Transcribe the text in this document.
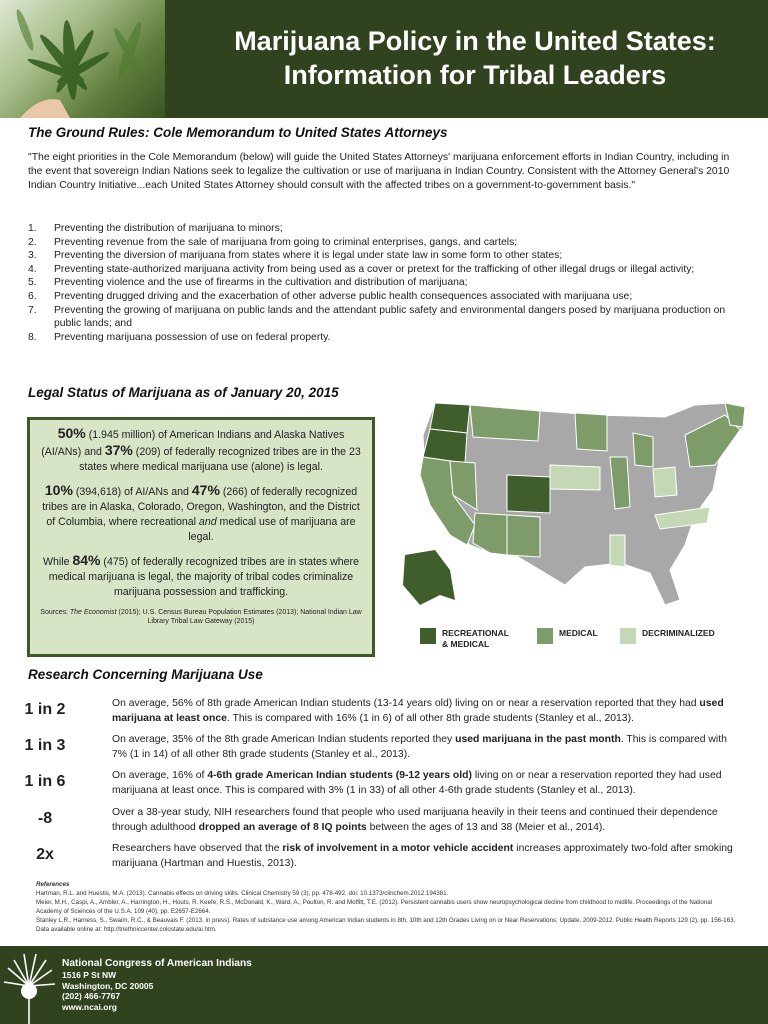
Marijuana Policy in the United States:
Information for Tribal Leaders
The Ground Rules: Cole Memorandum to United States Attorneys
"The eight priorities in the Cole Memorandum (below) will guide the United States Attorneys' marijuana enforcement efforts in Indian Country, including in the event that sovereign Indian Nations seek to legalize the cultivation or use of marijuana in Indian Country. Consistent with the Attorney General's 2010 Indian Country Initiative...each United States Attorney should consult with the affected tribes on a government-to-government basis."
1. Preventing the distribution of marijuana to minors;
2. Preventing revenue from the sale of marijuana from going to criminal enterprises, gangs, and cartels;
3. Preventing the diversion of marijuana from states where it is legal under state law in some form to other states;
4. Preventing state-authorized marijuana activity from being used as a cover or pretext for the trafficking of other illegal drugs or illegal activity;
5. Preventing violence and the use of firearms in the cultivation and distribution of marijuana;
6. Preventing drugged driving and the exacerbation of other adverse public health consequences associated with marijuana use;
7. Preventing the growing of marijuana on public lands and the attendant public safety and environmental dangers posed by marijuana production on public lands; and
8. Preventing marijuana possession of use on federal property.
Legal Status of Marijuana as of January 20, 2015

50% (1.945 million) of American Indians and Alaska Natives (AI/ANs) and 37% (209) of federally recognized tribes are in the 23 states where medical marijuana use (alone) is legal.

10% (394,618) of AI/ANs and 47% (266) of federally recognized tribes are in Alaska, Colorado, Oregon, Washington, and the District of Columbia, where recreational and medical use of marijuana are legal.

While 84% (475) of federally recognized tribes are in states where medical marijuana is legal, the majority of tribal codes criminalize marijuana possession and trafficking.

Sources: The Economist (2015); U.S. Census Bureau Population Estimates (2013); National Indian Law Library Tribal Law Gateway (2015)
RECREATIONAL
& MEDICAL
MEDICAL	DECRIMINALIZED
Research Concerning Marijuana Use
1 in 2	On average, 56% of 8th grade American Indian students (13-14 years old) living on or near a reservation reported that they had used marijuana at least once. This is compared with 16% (1 in 6) of all other 8th grade students (Stanley et al., 2013).
1 in 3	On average, 35% of the 8th grade American Indian students reported they used marijuana in the past month. This is compared with 7% (1 in 14) of all other 8th grade students (Stanley et al., 2013).
1 in 6	On average, 16% of 4-6th grade American Indian students (9-12 years old) living on or near a reservation reported they had used marijuana at least once. This is compared with 3% (1 in 33) of all other 4-6th grade students (Stanley et al., 2013).
-8	Over a 38-year study, NIH researchers found that people who used marijuana heavily in their teens and continued their dependence through adulthood dropped an average of 8 IQ points between the ages of 13 and 38 (Meier et al., 2014).
2x	Researchers have observed that the risk of involvement in a motor vehicle accident increases approximately two-fold after smoking marijuana (Hartman and Huestis, 2013).
References
Hartman, R.L. and Huestis, M.A. (2013). Cannabis effects on driving skills. Clinical Chemistry 59 (3), pp. 478-492. doi: 10.1373/clinchem.2012.194381.
Meier, M.H., Caspi, A., Ambler, A., Harrington, H., Houts, R. Keefe, R.S., McDonald, K., Ward, A., Poulton, R. and Moffitt, T.E. (2012). Persistent cannabis users show neuropsychological decline from childhood to midlife. Proceedings of the National Academy of Sciences of the U.S.A. 109 (40), pp. E2657-E2664.
Stanley L.R., Harness, S., Swaim, R.C., & Beauvais F. (2013, in press). Rates of substance use among American Indian students in 8th, 10th and 12th Grades Living on or Near Reservations; Update, 2009-2012. Public Health Reports 129 (2), pp. 156-163. Data available online at: http://triethniccenter.colostate.edu/ai.htm.
National Congress of American Indians
1516 P St NW
Washington, DC 20005
(202) 466-7767
www.ncai.org
